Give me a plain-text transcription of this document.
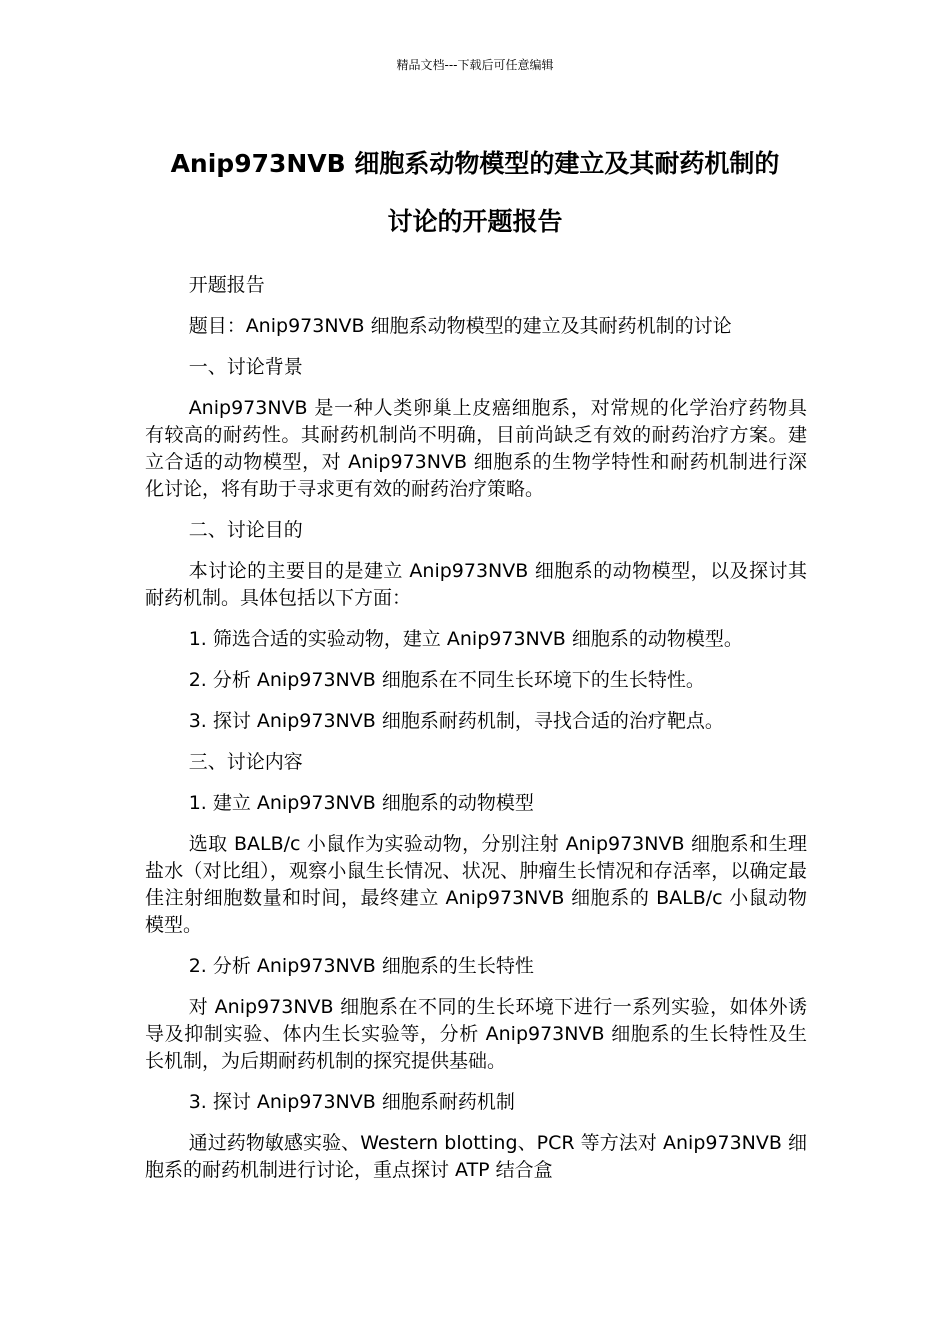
精品文档---下载后可任意编辑
Anip973NVB 细胞系动物模型的建立及其耐药机制的
讨论的开题报告

开题报告

题目：Anip973NVB 细胞系动物模型的建立及其耐药机制的讨论

一、讨论背景

Anip973NVB 是一种人类卵巢上皮癌细胞系，对常规的化学治疗药物具有较高的耐药性。其耐药机制尚不明确，目前尚缺乏有效的耐药治疗方案。建立合适的动物模型，对 Anip973NVB 细胞系的生物学特性和耐药机制进行深化讨论，将有助于寻求更有效的耐药治疗策略。

二、讨论目的

本讨论的主要目的是建立 Anip973NVB 细胞系的动物模型，以及探讨其耐药机制。具体包括以下方面：

1. 筛选合适的实验动物，建立 Anip973NVB 细胞系的动物模型。

2. 分析 Anip973NVB 细胞系在不同生长环境下的生长特性。

3. 探讨 Anip973NVB 细胞系耐药机制，寻找合适的治疗靶点。

三、讨论内容

1. 建立 Anip973NVB 细胞系的动物模型

选取 BALB/c 小鼠作为实验动物，分别注射 Anip973NVB 细胞系和生理盐水（对比组），观察小鼠生长情况、状况、肿瘤生长情况和存活率，以确定最佳注射细胞数量和时间，最终建立 Anip973NVB 细胞系的 BALB/c 小鼠动物模型。

2. 分析 Anip973NVB 细胞系的生长特性

对 Anip973NVB 细胞系在不同的生长环境下进行一系列实验，如体外诱导及抑制实验、体内生长实验等，分析 Anip973NVB 细胞系的生长特性及生长机制，为后期耐药机制的探究提供基础。

3. 探讨 Anip973NVB 细胞系耐药机制

通过药物敏感实验、Western blotting、PCR 等方法对 Anip973NVB 细胞系的耐药机制进行讨论，重点探讨 ATP 结合盒
